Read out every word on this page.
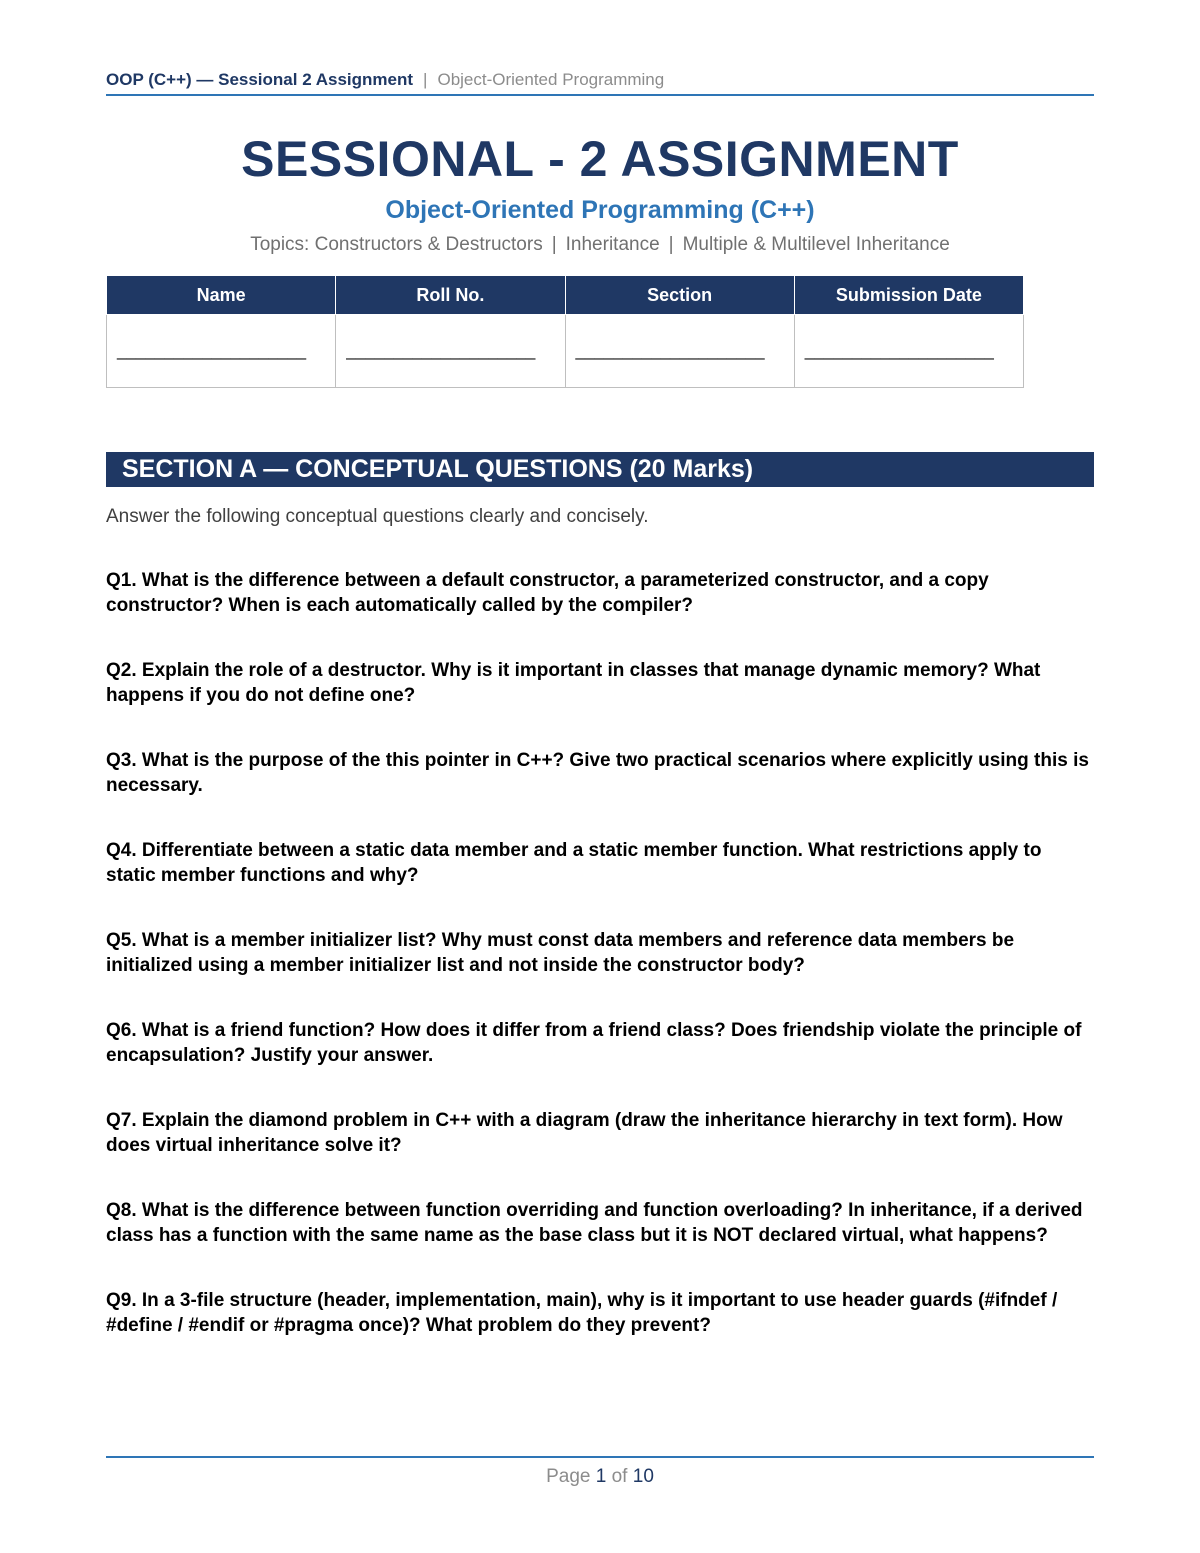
OOP (C++) — Sessional 2 Assignment | Object-Oriented Programming
SESSIONAL - 2 ASSIGNMENT
Object-Oriented Programming (C++)
Topics: Constructors & Destructors | Inheritance | Multiple & Multilevel Inheritance
Name	Roll No.	Section	Submission Date
____________________	____________________	____________________	____________________
SECTION A — CONCEPTUAL QUESTIONS (20 Marks)
Answer the following conceptual questions clearly and concisely.

Q1. What is the difference between a default constructor, a parameterized constructor, and a copy constructor? When is each automatically called by the compiler?

Q2. Explain the role of a destructor. Why is it important in classes that manage dynamic memory? What happens if you do not define one?

Q3. What is the purpose of the this pointer in C++? Give two practical scenarios where explicitly using this is necessary.

Q4. Differentiate between a static data member and a static member function. What restrictions apply to static member functions and why?

Q5. What is a member initializer list? Why must const data members and reference data members be initialized using a member initializer list and not inside the constructor body?

Q6. What is a friend function? How does it differ from a friend class? Does friendship violate the principle of encapsulation? Justify your answer.

Q7. Explain the diamond problem in C++ with a diagram (draw the inheritance hierarchy in text form). How does virtual inheritance solve it?

Q8. What is the difference between function overriding and function overloading? In inheritance, if a derived class has a function with the same name as the base class but it is NOT declared virtual, what happens?

Q9. In a 3-file structure (header, implementation, main), why is it important to use header guards (#ifndef / #define / #endif or #pragma once)? What problem do they prevent?

Page 1 of 10
